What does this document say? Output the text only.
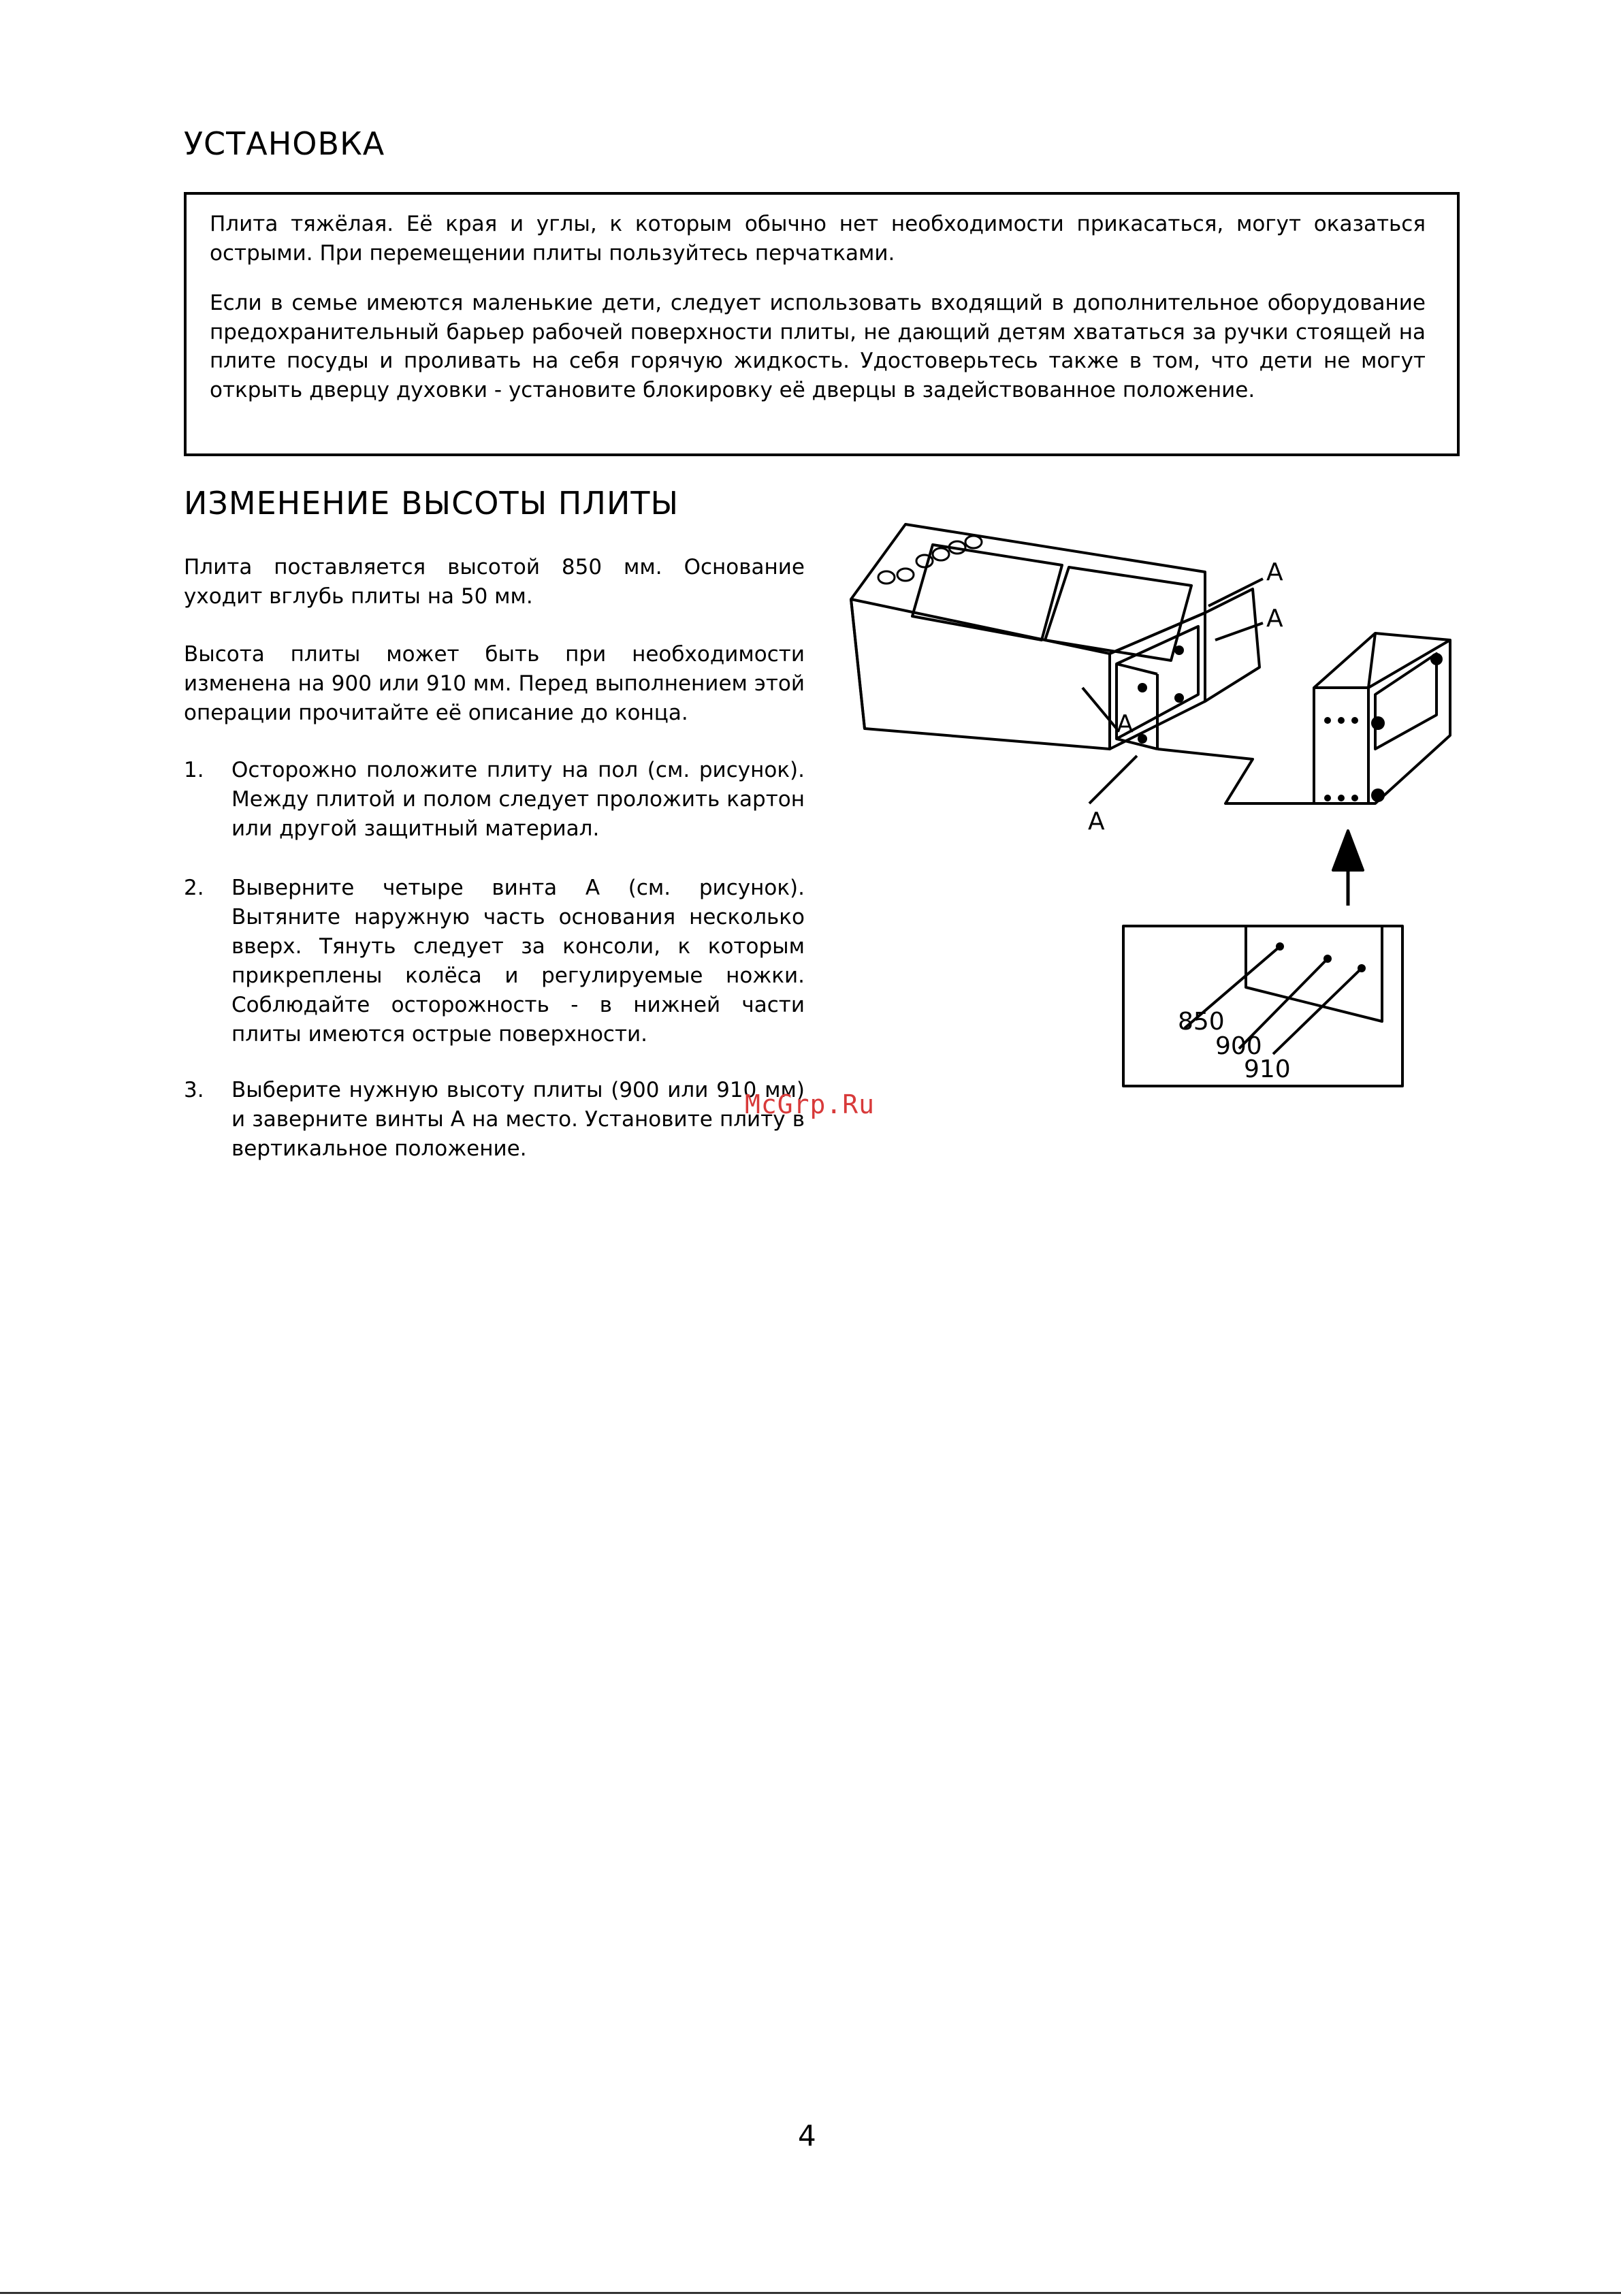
УСТАНОВКА

Плита тяжёлая. Её края и углы, к которым обычно нет необходимости прикасаться, могут оказаться острыми. При перемещении плиты пользуйтесь перчатками.

Если в семье имеются маленькие дети, следует использовать входящий в дополнительное оборудование предохранительный барьер рабочей поверхности плиты, не дающий детям хвататься за ручки стоящей на плите посуды и проливать на себя горячую жидкость. Удостоверьтесь также в том, что дети не могут открыть дверцу духовки - установите блокировку её дверцы в задействованное положение.

ИЗМЕНЕНИЕ ВЫСОТЫ ПЛИТЫ

Плита поставляется высотой 850 мм. Основание уходит вглубь плиты на 50 мм.

Высота плиты может быть при необходимости изменена на 900 или 910 мм. Перед выполнением этой операции прочитайте её описание до конца.

1. Осторожно положите плиту на пол (см. рисунок). Между плитой и полом следует проложить картон или другой защитный материал.

2. Выверните четыре винта А (см. рисунок). Вытяните наружную часть основания несколько вверх. Тянуть следует за консоли, к которым прикреплены колёса и регулируемые ножки. Соблюдайте осторожность - в нижней части плиты имеются острые поверхности.

3. Выберите нужную высоту плиты (900 или 910 мм) и заверните винты А на место. Установите плиту в вертикальное положение.

McGrp.Ru
A
A
A
A
850
900
910
4
